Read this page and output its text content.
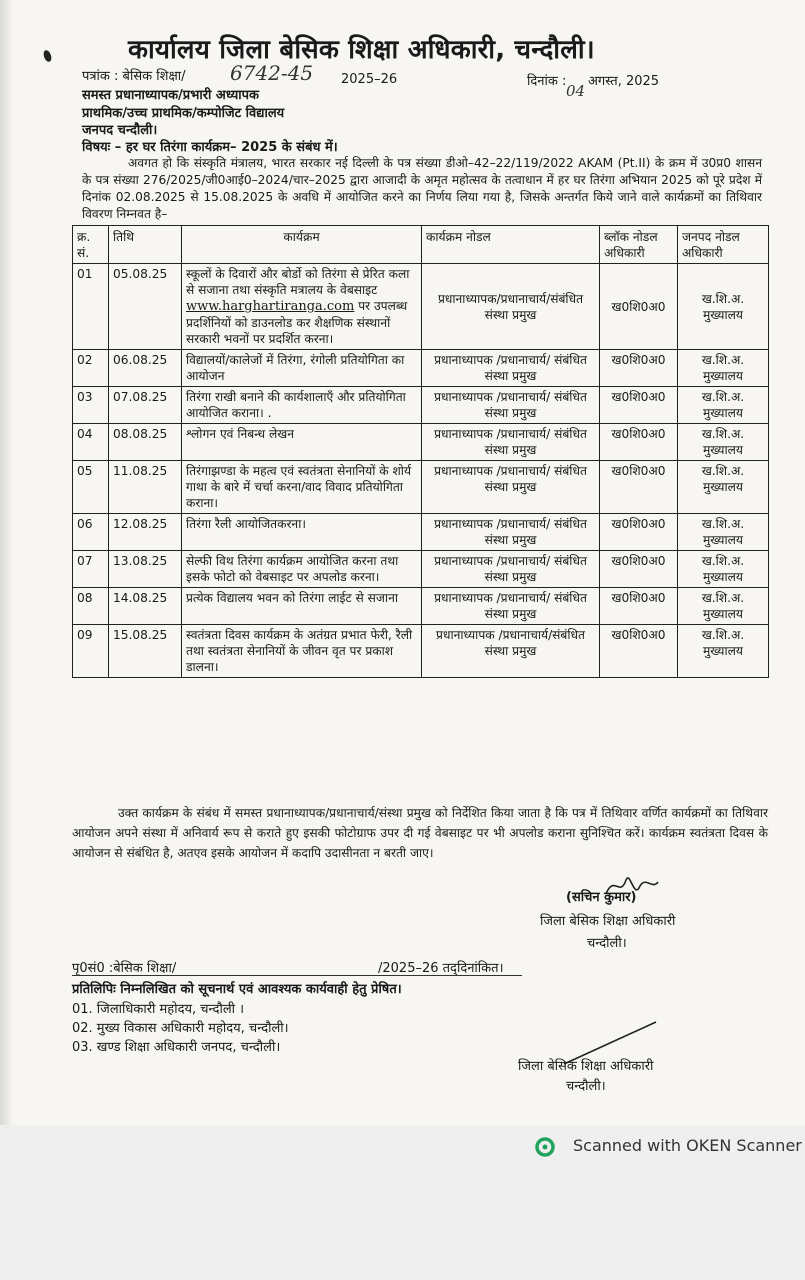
कार्यालय जिला बेसिक शिक्षा अधिकारी, चन्दौली।
पत्रांक : बेसिक शिक्षा/ 6742-45 2025–26	दिनांक :
04
अगस्त, 2025
समस्त प्रधानाध्यापक/प्रभारी अध्यापक
प्राथमिक/उच्च प्राथमिक/कम्पोजिट विद्यालय
जनपद चन्दौली।
विषयः – हर घर तिरंगा कार्यक्रम– 2025 के संबंध में।
अवगत हो कि संस्कृति मंत्रालय, भारत सरकार नई दिल्ली के पत्र संख्या डीओ–42–22/119/2022 AKAM (Pt.II) के क्रम में उ0प्र0 शासन के पत्र संख्या 276/2025/जी0आई0–2024/चार–2025 द्वारा आजादी के अमृत महोत्सव के तत्वाधान में हर घर तिरंगा अभियान 2025 को पूरे प्रदेश में दिनांक 02.08.2025 से 15.08.2025 के अवधि में आयोजित करने का निर्णय लिया गया है, जिसके अन्तर्गत किये जाने वाले कार्यक्रमों का तिथिवार विवरण निम्नवत है–
क्र. सं.	तिथि	कार्यक्रम	कार्यक्रम नोडल	ब्लॉक नोडल अधिकारी	जनपद नोडल अधिकारी
01	05.08.25	स्कूलों के दिवारों और बोर्डो को तिरंगा से प्रेरित कला से सजाना तथा संस्कृति मत्रालय के वेबसाइट www.harghartiranga.com पर उपलब्ध प्रदर्शिनियों को डाउनलोड कर शैक्षणिक संस्थानों सरकारी भवनों पर प्रदर्शित करना।	प्रधानाध्यापक/प्रधानाचार्य/संबंधित संस्था प्रमुख	ख0शि0अ0	ख.शि.अ. मुख्यालय
02	06.08.25	विद्यालयों/कालेजों में तिरंगा, रंगोली प्रतियोगिता का आयोजन	प्रधानाध्यापक /प्रधानाचार्य/ संबंधित संस्था प्रमुख	ख0शि0अ0	ख.शि.अ. मुख्यालय
03	07.08.25	तिरंगा राखी बनाने की कार्यशालाएँ और प्रतियोगिता आयोजित कराना। .	प्रधानाध्यापक /प्रधानाचार्य/ संबंधित संस्था प्रमुख	ख0शि0अ0	ख.शि.अ. मुख्यालय
04	08.08.25	श्लोगन एवं निबन्ध लेखन	प्रधानाध्यापक /प्रधानाचार्य/ संबंधित संस्था प्रमुख	ख0शि0अ0	ख.शि.अ. मुख्यालय
05	11.08.25	तिरंगाझण्डा के महत्व एवं स्वतंत्रता सेनानियों के शोर्य गाथा के बारे में चर्चा करना/वाद विवाद प्रतियोगिता कराना।	प्रधानाध्यापक /प्रधानाचार्य/ संबंधित संस्था प्रमुख	ख0शि0अ0	ख.शि.अ. मुख्यालय
06	12.08.25	तिरंगा रैली आयोजितकरना।	प्रधानाध्यापक /प्रधानाचार्य/ संबंधित संस्था प्रमुख	ख0शि0अ0	ख.शि.अ. मुख्यालय
07	13.08.25	सेल्फी विथ तिरंगा कार्यक्रम आयोजित करना तथा इसके फोटो को वेबसाइट पर अपलोड करना।	प्रधानाध्यापक /प्रधानाचार्य/ संबंधित संस्था प्रमुख	ख0शि0अ0	ख.शि.अ. मुख्यालय
08	14.08.25	प्रत्येक विद्यालय भवन को तिरंगा लाईट से सजाना	प्रधानाध्यापक /प्रधानाचार्य/ संबंधित संस्था प्रमुख	ख0शि0अ0	ख.शि.अ. मुख्यालय
09	15.08.25	स्वतंत्रता दिवस कार्यक्रम के अतंग्रत प्रभात फेरी, रैली तथा स्वतंत्रता सेनानियों के जीवन वृत पर प्रकाश डालना।	प्रधानाध्यापक /प्रधानाचार्य/संबंधित संस्था प्रमुख	ख0शि0अ0	ख.शि.अ. मुख्यालय
उक्त कार्यक्रम के संबंध में समस्त प्रधानाध्यापक/प्रधानाचार्य/संस्था प्रमुख को निर्देशित किया जाता है कि पत्र में तिथिवार वर्णित कार्यक्रमों का तिथिवार आयोजन अपने संस्था में अनिवार्य रूप से कराते हुए इसकी फोटोग्राफ उपर दी गई वेबसाइट पर भी अपलोड कराना सुनिश्चित करें। कार्यक्रम स्वतंत्रता दिवस के आयोजन से संबंधित है, अतएव इसके आयोजन में कदापि उदासीनता न बरती जाए।
(सचिन कुमार)
जिला बेसिक शिक्षा अधिकारी
चन्दौली।
पृ0सं0 :बेसिक शिक्षा/	/2025–26 तद्‌दिनांकित।
प्रतिलिपिः निम्नलिखित को सूचनार्थ एवं आवश्यक कार्यवाही हेतु प्रेषित।
01. जिलाधिकारी महोदय, चन्दौली ।
02. मुख्य विकास अधिकारी महोदय, चन्दौली।
03. खण्ड शिक्षा अधिकारी जनपद, चन्दौली।
जिला बेसिक शिक्षा अधिकारी
चन्दौली।
Scanned with OKEN Scanner
